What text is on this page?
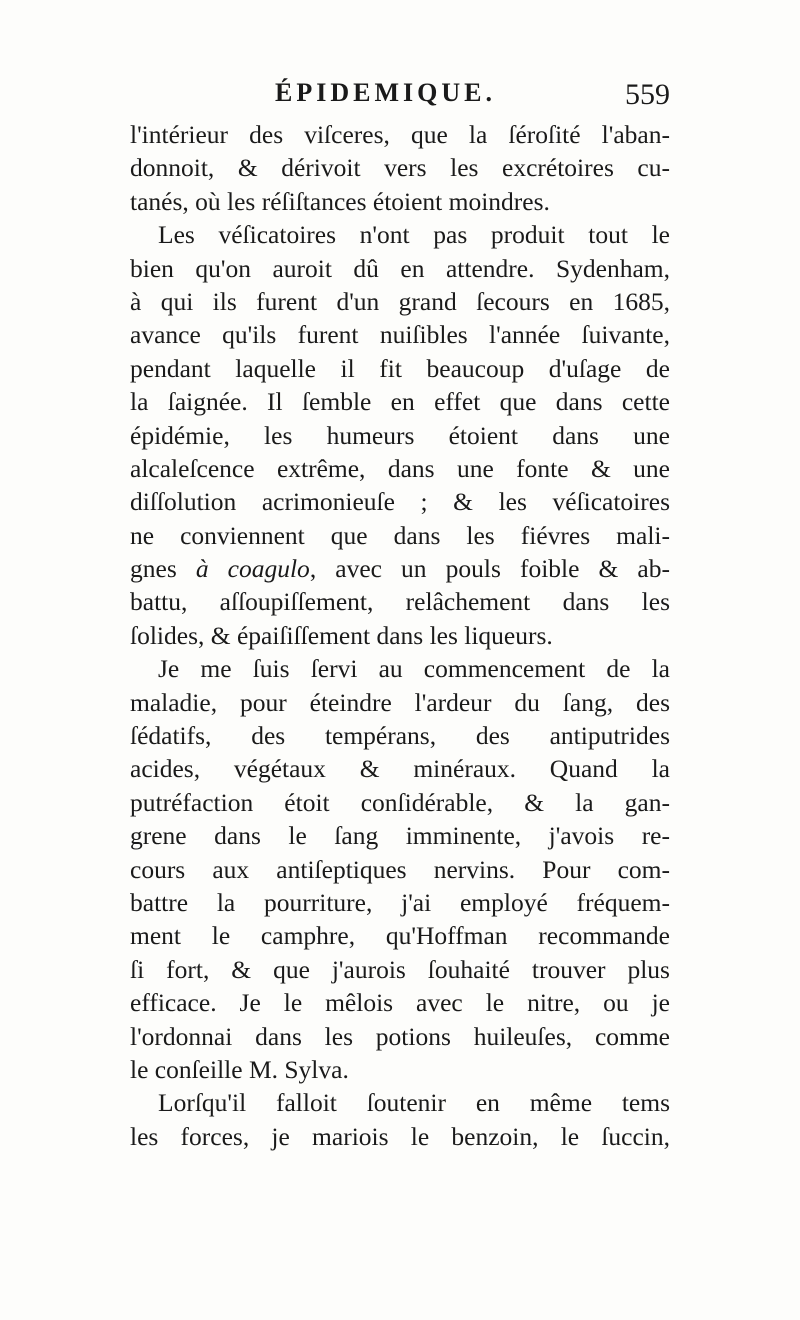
ÉPIDEMIQUE.	559
l'intérieur des viſceres, que la ſéroſité l'aban-
donnoit, & dérivoit vers les excrétoires cu-
tanés, où les réſiſtances étoient moindres.
Les véſicatoires n'ont pas produit tout le
bien qu'on auroit dû en attendre. Sydenham,
à qui ils furent d'un grand ſecours en 1685,
avance qu'ils furent nuiſibles l'année ſuivante,
pendant laquelle il fit beaucoup d'uſage de
la ſaignée. Il ſemble en effet que dans cette
épidémie, les humeurs étoient dans une
alcaleſcence extrême, dans une fonte & une
diſſolution acrimonieuſe ; & les véſicatoires
ne conviennent que dans les fiévres mali-
gnes à coagulo, avec un pouls foible & ab-
battu, aſſoupiſſement, relâchement dans les
ſolides, & épaiſiſſement dans les liqueurs.
Je me ſuis ſervi au commencement de la
maladie, pour éteindre l'ardeur du ſang, des
ſédatifs, des tempérans, des antiputrides
acides, végétaux & minéraux. Quand la
putréfaction étoit conſidérable, & la gan-
grene dans le ſang imminente, j'avois re-
cours aux antiſeptiques nervins. Pour com-
battre la pourriture, j'ai employé fréquem-
ment le camphre, qu'Hoffman recommande
ſi fort, & que j'aurois ſouhaité trouver plus
efficace. Je le mêlois avec le nitre, ou je
l'ordonnai dans les potions huileuſes, comme
le conſeille M. Sylva.
Lorſqu'il falloit ſoutenir en même tems
les forces, je mariois le benzoin, le ſuccin,
